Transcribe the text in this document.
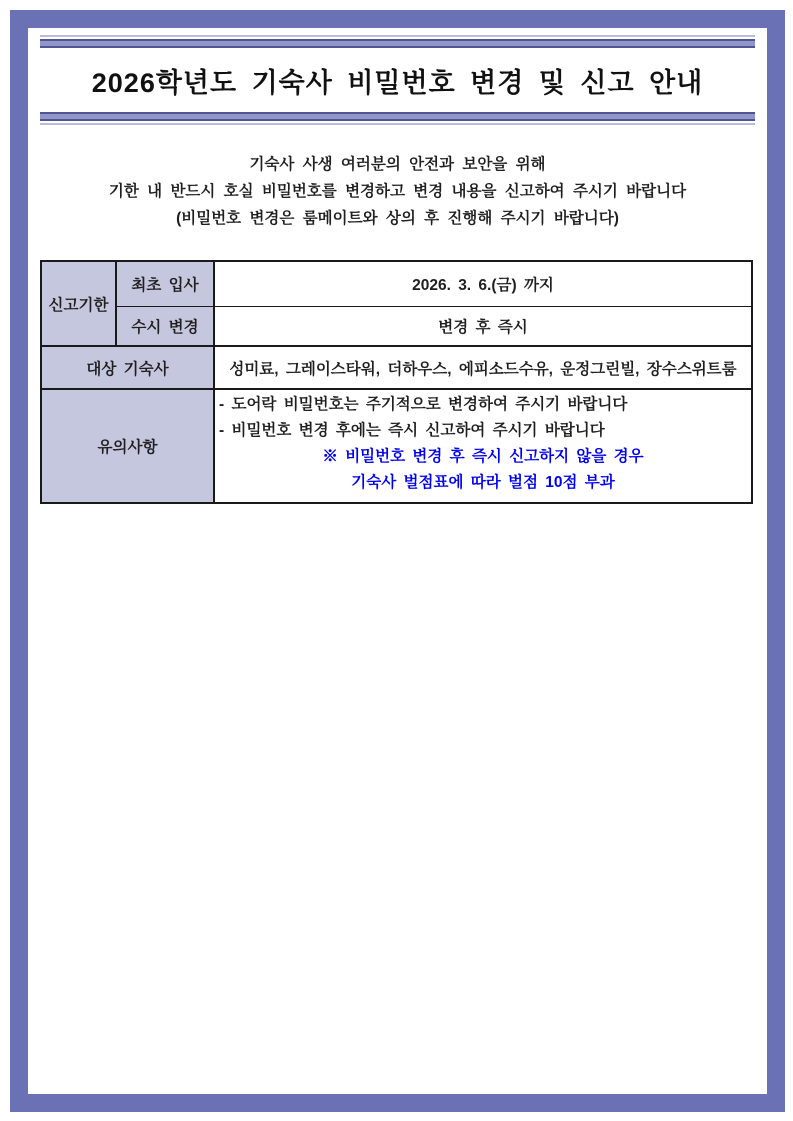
2026학년도 기숙사 비밀번호 변경 및 신고 안내

기숙사 사생 여러분의 안전과 보안을 위해

기한 내 반드시 호실 비밀번호를 변경하고 변경 내용을 신고하여 주시기 바랍니다

(비밀번호 변경은 룸메이트와 상의 후 진행해 주시기 바랍니다)

신고기한	최초 입사	2026. 3. 6.(금) 까지
	수시 변경	변경 후 즉시
대상 기숙사		성미료, 그레이스타워, 더하우스, 에피소드수유, 운정그린빌, 장수스위트룸
유의사항		- 도어락 비밀번호는 주기적으로 변경하여 주시기 바랍니다
- 비밀번호 변경 후에는 즉시 신고하여 주시기 바랍니다
※ 비밀번호 변경 후 즉시 신고하지 않을 경우
기숙사 벌점표에 따라 벌점 10점 부과
